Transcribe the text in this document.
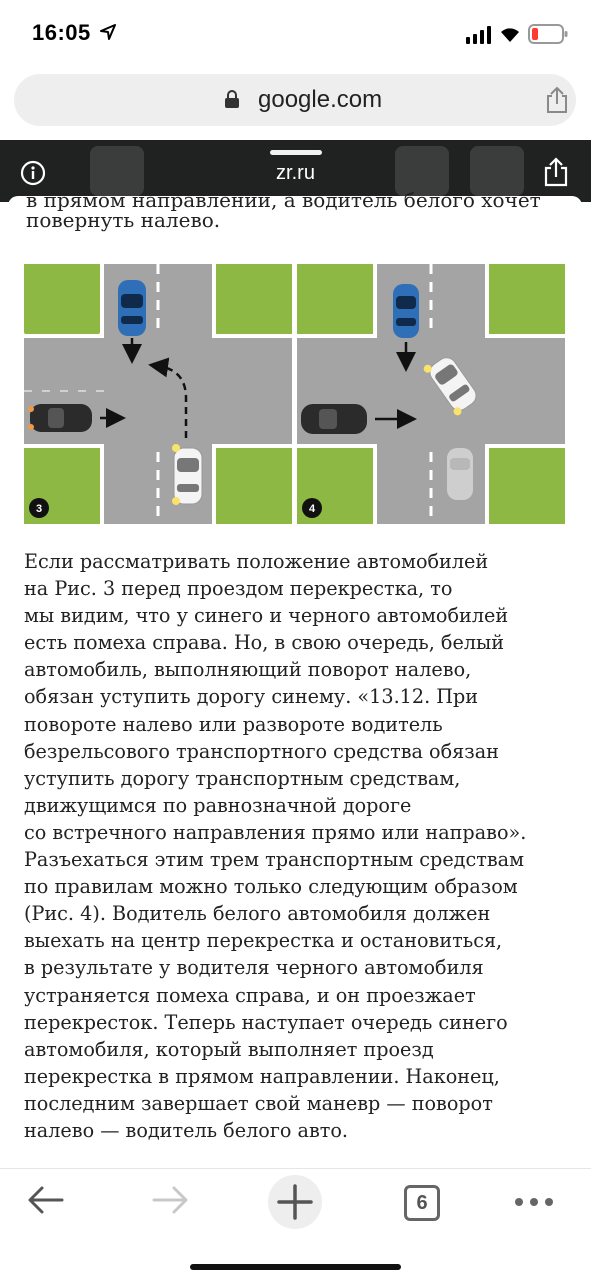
16:05
google.com
zr.ru
в прямом направлении, а водитель белого хочет
повернуть налево.
3	4
Если рассматривать положение автомобилей
на Рис. 3 перед проездом перекрестка, то
мы видим, что у синего и черного автомобилей
есть помеха справа. Но, в свою очередь, белый
автомобиль, выполняющий поворот налево,
обязан уступить дорогу синему. «13.12. При
повороте налево или развороте водитель
безрельсового транспортного средства обязан
уступить дорогу транспортным средствам,
движущимся по равнозначной дороге
со встречного направления прямо или направо».
Разъехаться этим трем транспортным средствам
по правилам можно только следующим образом
(Рис. 4). Водитель белого автомобиля должен
выехать на центр перекрестка и остановиться,
в результате у водителя черного автомобиля
устраняется помеха справа, и он проезжает
перекресток. Теперь наступает очередь синего
автомобиля, который выполняет проезд
перекрестка в прямом направлении. Наконец,
последним завершает свой маневр — поворот
налево — водитель белого авто.
6
